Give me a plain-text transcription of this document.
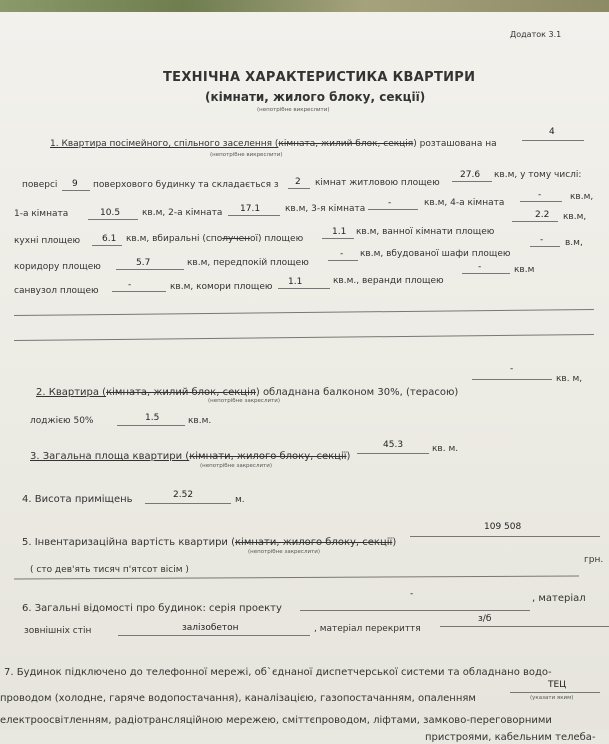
Додаток 3.1
ТЕХНІЧНА ХАРАКТЕРИСТИКА КВАРТИРИ
(кімнати, жилого блоку, секції)
(непотрібне викреслити)
1. Квартира посімейного, спільного заселення (кімната, жилий блок, секція) розташована на
4
(непотрібне викреслити)
поверсі 9 поверхового будинку та складається з 2 кімнат житловою площею
27.6 кв.м, у тому числі:
1-а кімната	10.5 кв.м, 2-а кімната 17.1	кв.м, 3-я кімната
-	кв.м, 4-а кімната
-	кв.м,
кухні площею 6.1 кв.м, вбиральні (сполученої) площею
1.1 кв.м, ванної кімнати площею
2.2 кв.м,
коридору площею	5.7	кв.м, передпокій площею
- кв.м, вбудованої шафи площею
- в.м,
санвузол площею
-	кв.м, комори площею 1.1	кв.м., веранди площею
-	кв.м
2. Квартира (кімната, жилий блок, секція) обладнана балконом 30%, (терасою)
-
кв. м,
(непотрібне закреслити)
лоджією 50%	1.5	кв.м.
3. Загальна площа квартири (кімнати, жилого блоку, секції)
45.3	кв. м.
(непотрібне закреслити)
4. Висота приміщень	2.52	м.
5. Інвентаризаційна вартість квартири (кімнати, жилого блоку, секції)
109 508
(непотрібне закреслити)
( сто дев'ять тисяч п'ятсот вісім )
грн.
6. Загальні відомості про будинок: серія проекту
-	, матеріал
зовнішніх стін	залізобетон	, матеріал перекриття
з/б
7. Будинок підключено до телефонної мережі, об`єднаної диспетчерської системи та обладнано водо-
проводом (холодне, гаряче водопостачання), каналізацією, газопостачанням, опаленням
ТЕЦ
(указати яким)
електроосвітленням, радіотрансляційною мережею, сміттєпроводом, ліфтами, замково-переговорними
пристроями, кабельним телеба-
